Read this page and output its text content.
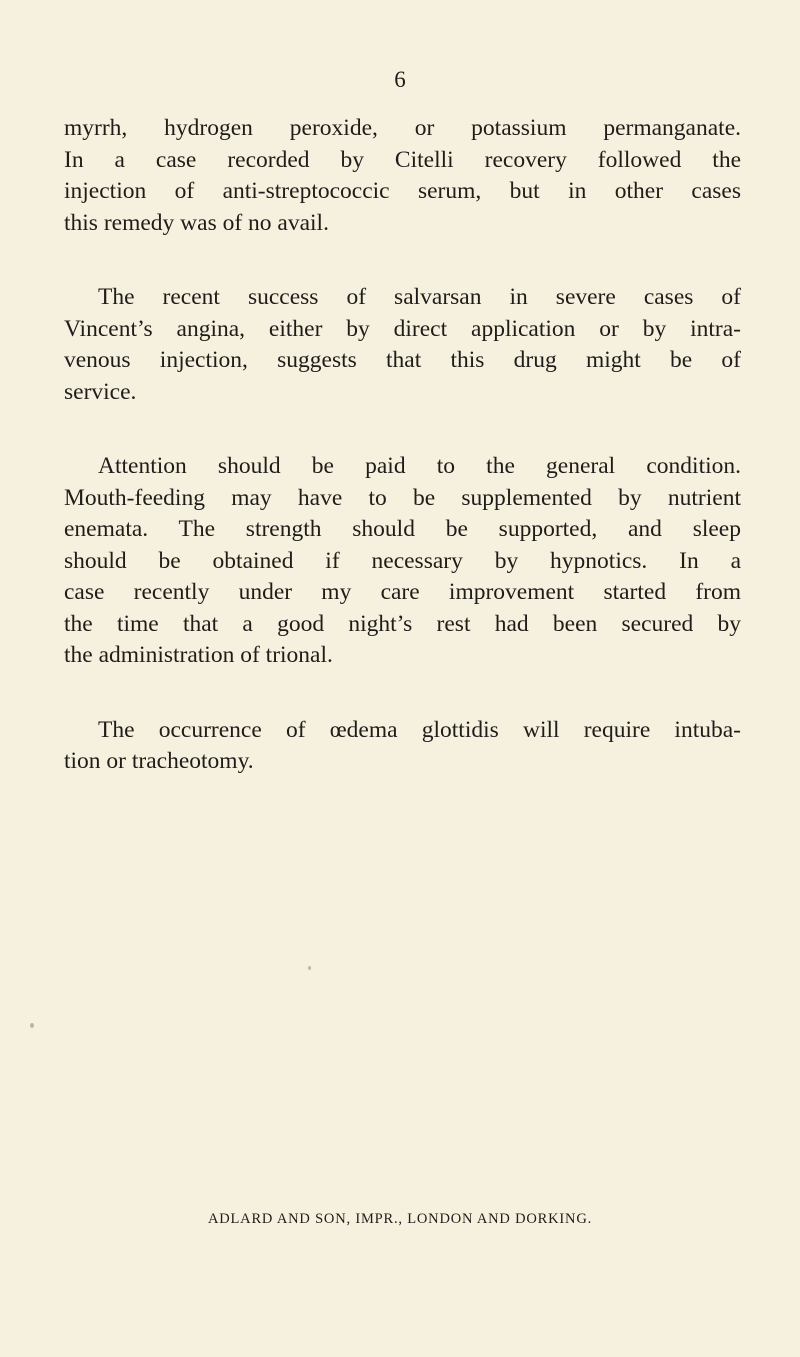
6

myrrh, hydrogen peroxide, or potassium permanganate.
In a case recorded by Citelli recovery followed the
injection of anti-streptococcic serum, but in other cases
this remedy was of no avail.

The recent success of salvarsan in severe cases of
Vincent’s angina, either by direct application or by intra-
venous injection, suggests that this drug might be of
service.

Attention should be paid to the general condition.
Mouth-feeding may have to be supplemented by nutrient
enemata. The strength should be supported, and sleep
should be obtained if necessary by hypnotics. In a
case recently under my care improvement started from
the time that a good night’s rest had been secured by
the administration of trional.

The occurrence of œdema glottidis will require intuba-
tion or tracheotomy.

ADLARD AND SON, IMPR., LONDON AND DORKING.
